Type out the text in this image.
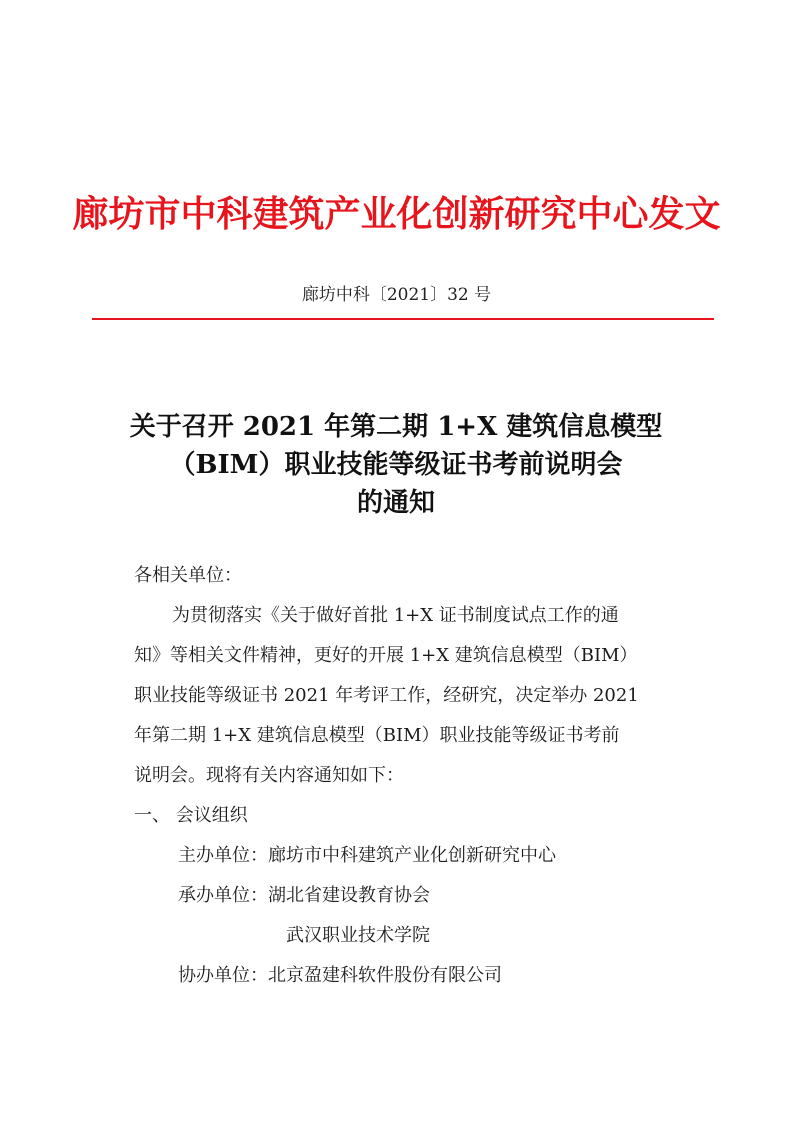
廊坊市中科建筑产业化创新研究中心发文
廊坊中科〔2021〕32 号
关于召开 2021 年第二期 1+X 建筑信息模型
（BIM）职业技能等级证书考前说明会
的通知
各相关单位：
为贯彻落实《关于做好首批 1+X 证书制度试点工作的通
知》等相关文件精神，更好的开展 1+X 建筑信息模型（BIM）
职业技能等级证书 2021 年考评工作，经研究，决定举办 2021
年第二期 1+X 建筑信息模型（BIM）职业技能等级证书考前
说明会。现将有关内容通知如下：
一、 会议组织
主办单位：廊坊市中科建筑产业化创新研究中心
承办单位：湖北省建设教育协会
武汉职业技术学院
协办单位：北京盈建科软件股份有限公司
